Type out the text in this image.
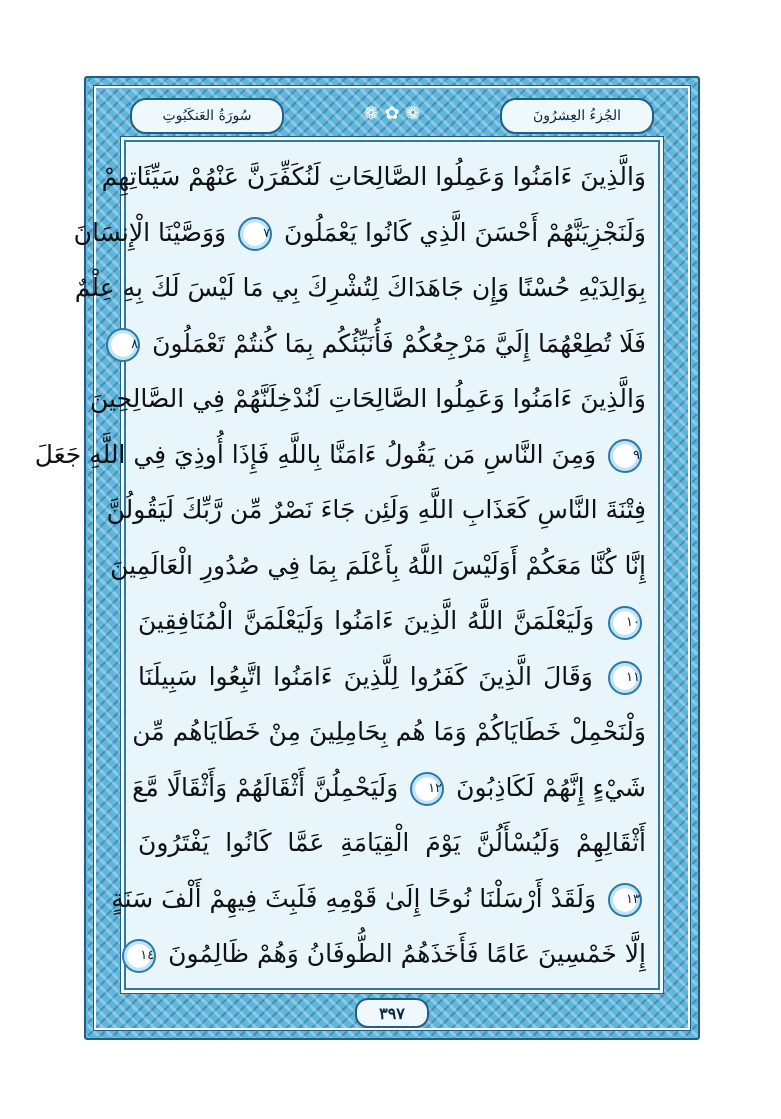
سُورَةُ العَنكَبُوتِ	❁ ✿ ❁	الجُزءُ العِشرُونَ
وَالَّذِينَ ءَامَنُوا وَعَمِلُوا الصَّالِحَاتِ لَنُكَفِّرَنَّ عَنْهُمْ سَيِّئَاتِهِمْ
وَلَنَجْزِيَنَّهُمْ أَحْسَنَ الَّذِي كَانُوا يَعْمَلُونَ ٧ وَوَصَّيْنَا الْإِنسَانَ
بِوَالِدَيْهِ حُسْنًا وَإِن جَاهَدَاكَ لِتُشْرِكَ بِي مَا لَيْسَ لَكَ بِهِ عِلْمٌ
فَلَا تُطِعْهُمَا إِلَيَّ مَرْجِعُكُمْ فَأُنَبِّئُكُم بِمَا كُنتُمْ تَعْمَلُونَ ٨
وَالَّذِينَ ءَامَنُوا وَعَمِلُوا الصَّالِحَاتِ لَنُدْخِلَنَّهُمْ فِي الصَّالِحِينَ
٩ وَمِنَ النَّاسِ مَن يَقُولُ ءَامَنَّا بِاللَّهِ فَإِذَا أُوذِيَ فِي اللَّهِ جَعَلَ
فِتْنَةَ النَّاسِ كَعَذَابِ اللَّهِ وَلَئِن جَاءَ نَصْرٌ مِّن رَّبِّكَ لَيَقُولُنَّ
إِنَّا كُنَّا مَعَكُمْ أَوَلَيْسَ اللَّهُ بِأَعْلَمَ بِمَا فِي صُدُورِ الْعَالَمِينَ
١٠ وَلَيَعْلَمَنَّ اللَّهُ الَّذِينَ ءَامَنُوا وَلَيَعْلَمَنَّ الْمُنَافِقِينَ
١١ وَقَالَ الَّذِينَ كَفَرُوا لِلَّذِينَ ءَامَنُوا اتَّبِعُوا سَبِيلَنَا
وَلْنَحْمِلْ خَطَايَاكُمْ وَمَا هُم بِحَامِلِينَ مِنْ خَطَايَاهُم مِّن
شَيْءٍ إِنَّهُمْ لَكَاذِبُونَ ١٢ وَلَيَحْمِلُنَّ أَثْقَالَهُمْ وَأَثْقَالًا مَّعَ
أَثْقَالِهِمْ وَلَيُسْأَلُنَّ يَوْمَ الْقِيَامَةِ عَمَّا كَانُوا يَفْتَرُونَ
١٣ وَلَقَدْ أَرْسَلْنَا نُوحًا إِلَىٰ قَوْمِهِ فَلَبِثَ فِيهِمْ أَلْفَ سَنَةٍ
إِلَّا خَمْسِينَ عَامًا فَأَخَذَهُمُ الطُّوفَانُ وَهُمْ ظَالِمُونَ ١٤
٣٩٧
